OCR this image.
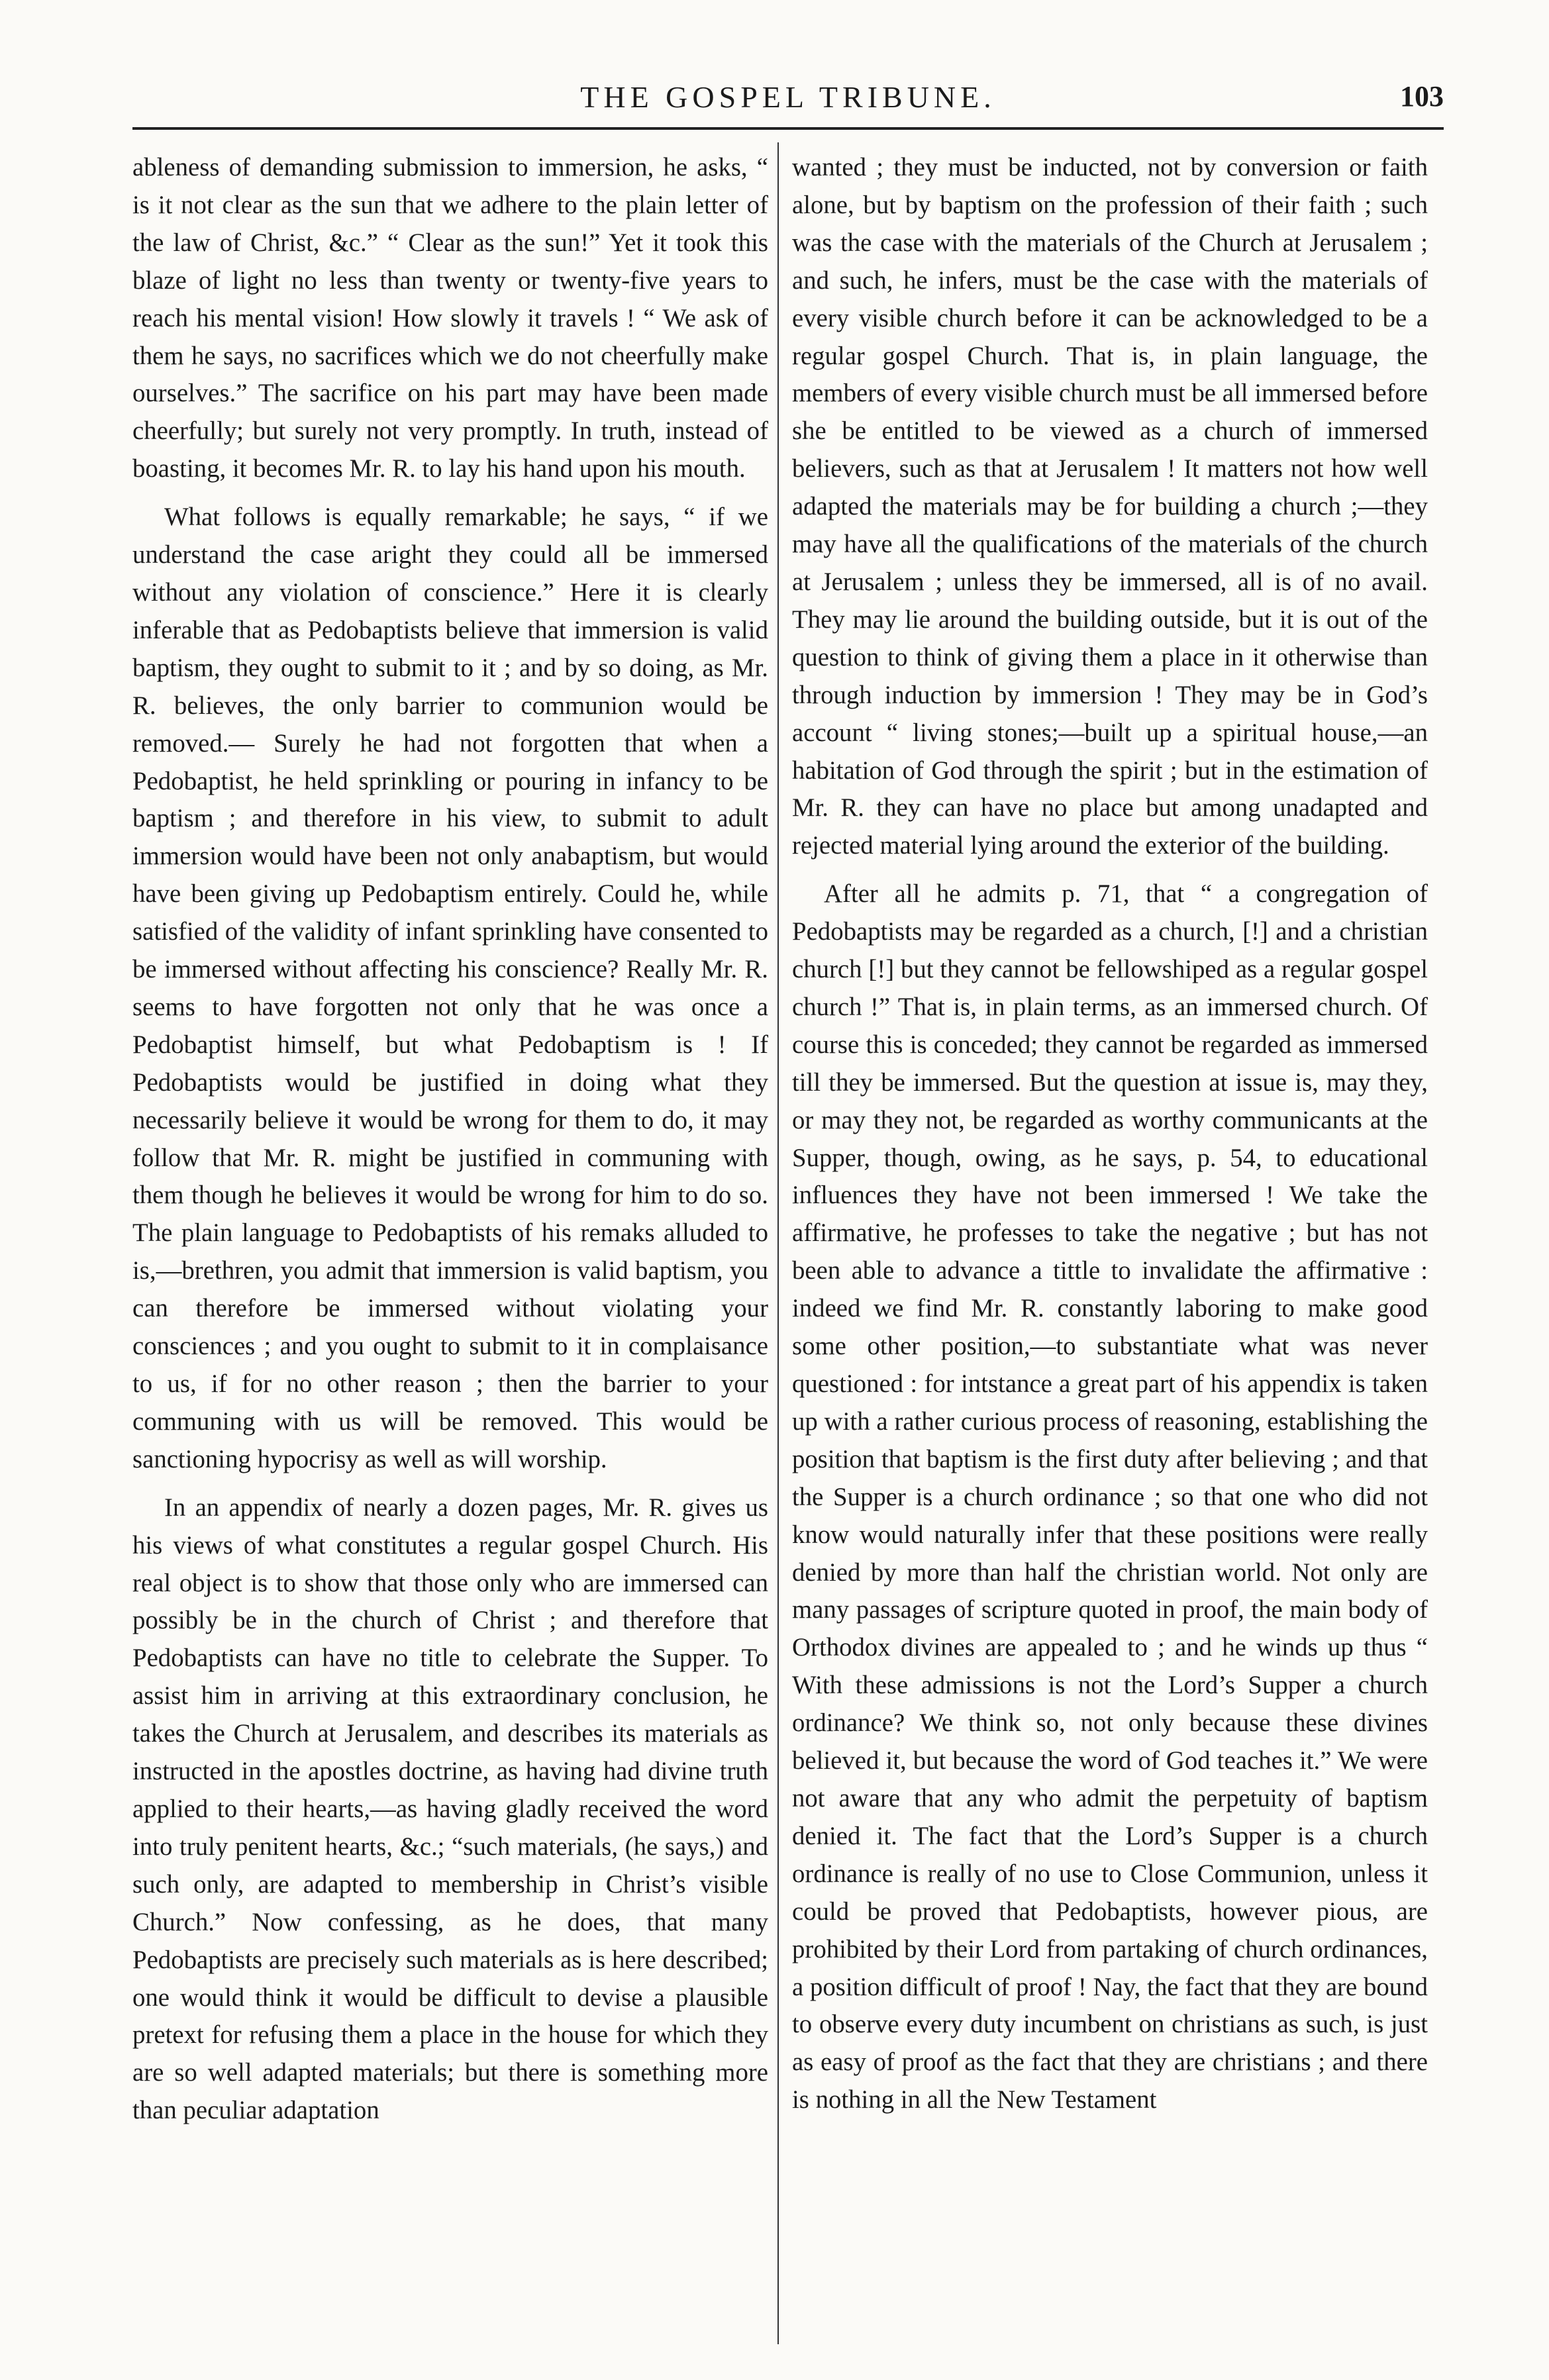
THE GOSPEL TRIBUNE.	103

ableness of demanding submission to immersion, he asks, “ is it not clear as the sun that we adhere to the plain letter of the law of Christ, &c.” “ Clear as the sun!” Yet it took this blaze of light no less than twenty or twenty-five years to reach his mental vision! How slowly it travels ! “ We ask of them he says, no sacrifices which we do not cheerfully make ourselves.” The sacrifice on his part may have been made cheerfully; but surely not very promptly. In truth, instead of boasting, it becomes Mr. R. to lay his hand upon his mouth.

What follows is equally remarkable; he says, “ if we understand the case aright they could all be immersed without any violation of conscience.” Here it is clearly inferable that as Pedobaptists believe that immersion is valid baptism, they ought to submit to it ; and by so doing, as Mr. R. believes, the only barrier to communion would be removed.— Surely he had not forgotten that when a Pedobaptist, he held sprinkling or pouring in infancy to be baptism ; and therefore in his view, to submit to adult immersion would have been not only anabaptism, but would have been giving up Pedobaptism entirely. Could he, while satisfied of the validity of infant sprinkling have consented to be immersed without affecting his conscience? Really Mr. R. seems to have forgotten not only that he was once a Pedobaptist himself, but what Pedobaptism is ! If Pedobaptists would be justified in doing what they necessarily believe it would be wrong for them to do, it may follow that Mr. R. might be justified in communing with them though he believes it would be wrong for him to do so. The plain language to Pedobaptists of his remaks alluded to is,—brethren, you admit that immersion is valid baptism, you can therefore be immersed without violating your consciences ; and you ought to submit to it in complaisance to us, if for no other reason ; then the barrier to your communing with us will be removed. This would be sanctioning hypocrisy as well as will worship.

In an appendix of nearly a dozen pages, Mr. R. gives us his views of what constitutes a regular gospel Church. His real object is to show that those only who are immersed can possibly be in the church of Christ ; and therefore that Pedobaptists can have no title to celebrate the Supper. To assist him in arriving at this extraordinary conclusion, he takes the Church at Jerusalem, and describes its materials as instructed in the apostles doctrine, as having had divine truth applied to their hearts,—as having gladly received the word into truly penitent hearts, &c.; “such materials, (he says,) and such only, are adapted to membership in Christ’s visible Church.” Now confessing, as he does, that many Pedobaptists are precisely such materials as is here described; one would think it would be difficult to devise a plausible pretext for refusing them a place in the house for which they are so well adapted materials; but there is something more than peculiar adaptation

wanted ; they must be inducted, not by conversion or faith alone, but by baptism on the profession of their faith ; such was the case with the materials of the Church at Jerusalem ; and such, he infers, must be the case with the materials of every visible church before it can be acknowledged to be a regular gospel Church. That is, in plain language, the members of every visible church must be all immersed before she be entitled to be viewed as a church of immersed believers, such as that at Jerusalem ! It matters not how well adapted the materials may be for building a church ;—they may have all the qualifications of the materials of the church at Jerusalem ; unless they be immersed, all is of no avail. They may lie around the building outside, but it is out of the question to think of giving them a place in it otherwise than through induction by immersion ! They may be in God’s account “ living stones;—built up a spiritual house,—an habitation of God through the spirit ; but in the estimation of Mr. R. they can have no place but among unadapted and rejected material lying around the exterior of the building.

After all he admits p. 71, that “ a congregation of Pedobaptists may be regarded as a church, [!] and a christian church [!] but they cannot be fellowshiped as a regular gospel church !” That is, in plain terms, as an immersed church. Of course this is conceded; they cannot be regarded as immersed till they be immersed. But the question at issue is, may they, or may they not, be regarded as worthy communicants at the Supper, though, owing, as he says, p. 54, to educational influences they have not been immersed ! We take the affirmative, he professes to take the negative ; but has not been able to advance a tittle to invalidate the affirmative : indeed we find Mr. R. constantly laboring to make good some other position,—to substantiate what was never questioned : for intstance a great part of his appendix is taken up with a rather curious process of reasoning, establishing the position that baptism is the first duty after believing ; and that the Supper is a church ordinance ; so that one who did not know would naturally infer that these positions were really denied by more than half the christian world. Not only are many passages of scripture quoted in proof, the main body of Orthodox divines are appealed to ; and he winds up thus “ With these admissions is not the Lord’s Supper a church ordinance? We think so, not only because these divines believed it, but because the word of God teaches it.” We were not aware that any who admit the perpetuity of baptism denied it. The fact that the Lord’s Supper is a church ordinance is really of no use to Close Communion, unless it could be proved that Pedobaptists, however pious, are prohibited by their Lord from partaking of church ordinances, a position difficult of proof ! Nay, the fact that they are bound to observe every duty incumbent on christians as such, is just as easy of proof as the fact that they are christians ; and there is nothing in all the New Testament
